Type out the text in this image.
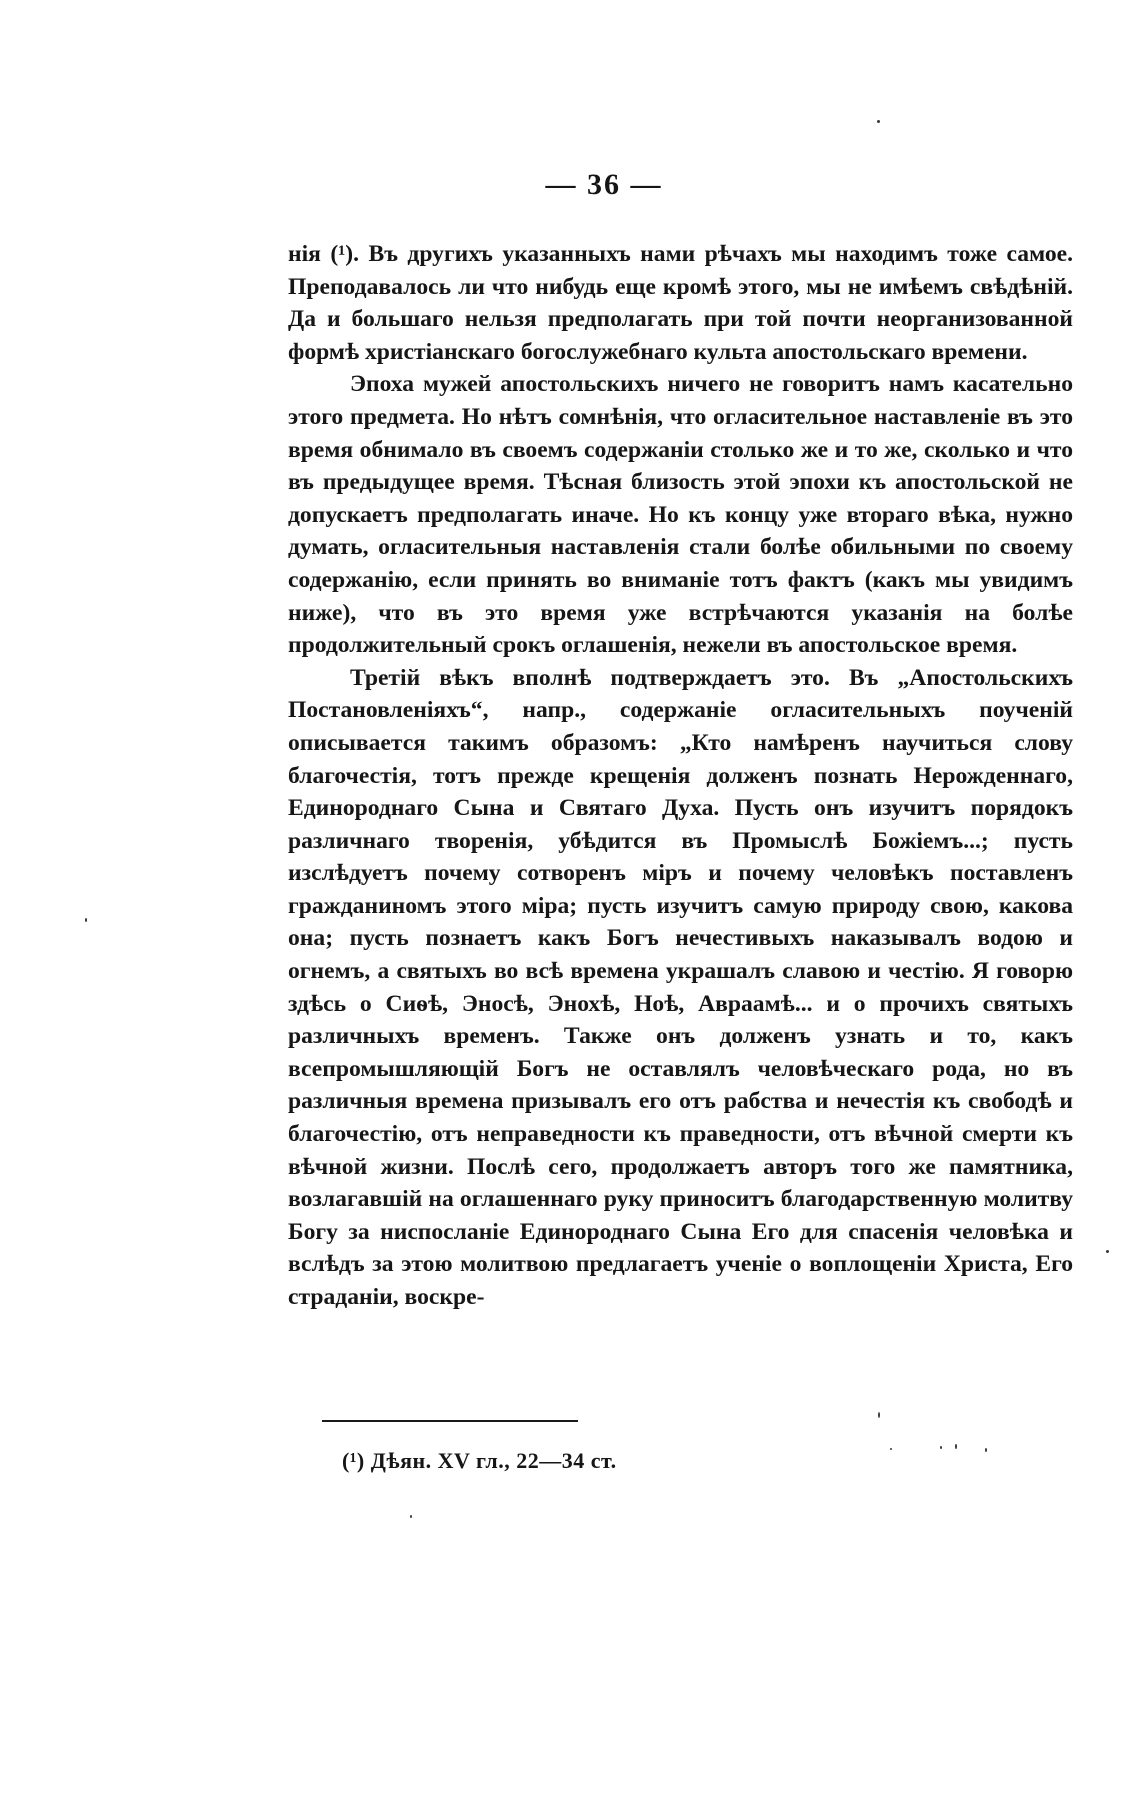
— 36 —

нія (¹). Въ другихъ указанныхъ нами рѣчахъ мы находимъ тоже самое. Преподавалось ли что нибудь еще кромѣ этого, мы не имѣемъ свѣдѣній. Да и большаго нельзя предполагать при той почти неорганизованной формѣ христіанскаго богослужебнаго культа апостольскаго времени.

Эпоха мужей апостольскихъ ничего не говоритъ намъ касательно этого предмета. Но нѣтъ сомнѣнія, что огласительное наставленіе въ это время обнимало въ своемъ содержаніи столько же и то же, сколько и что въ предыдущее время. Тѣсная близость этой эпохи къ апостольской не допускаетъ предполагать иначе. Но къ концу уже втораго вѣка, нужно думать, огласительныя наставленія стали болѣе обильными по своему содержанію, если принять во вниманіе тотъ фактъ (какъ мы увидимъ ниже), что въ это время уже встрѣчаются указанія на болѣе продолжительный срокъ оглашенія, нежели въ апостольское время.

Третій вѣкъ вполнѣ подтверждаетъ это. Въ „Апостольскихъ Постановленіяхъ“, напр., содержаніе огласительныхъ поученій описывается такимъ образомъ: „Кто намѣренъ научиться слову благочестія, тотъ прежде крещенія долженъ познать Нерожденнаго, Единороднаго Сына и Святаго Духа. Пусть онъ изучитъ порядокъ различнаго творенія, убѣдится въ Промыслѣ Божіемъ...; пусть изслѣдуетъ почему сотворенъ міръ и почему человѣкъ поставленъ гражданиномъ этого міра; пусть изучитъ самую природу свою, какова она; пусть познаетъ какъ Богъ нечестивыхъ наказывалъ водою и огнемъ, а святыхъ во всѣ времена украшалъ славою и честію. Я говорю здѣсь о Сиѳѣ, Эносѣ, Энохѣ, Ноѣ, Авраамѣ... и о прочихъ святыхъ различныхъ временъ. Также онъ долженъ узнать и то, какъ всепромышляющій Богъ не оставлялъ человѣческаго рода, но въ различныя времена призывалъ его отъ рабства и нечестія къ свободѣ и благочестію, отъ неправедности къ праведности, отъ вѣчной смерти къ вѣчной жизни. Послѣ сего, продолжаетъ авторъ того же памятника, возлагавшій на оглашеннаго руку приноситъ благодарственную молитву Богу за ниспосланіе Единороднаго Сына Его для спасенія человѣка и вслѣдъ за этою молитвою предлагаетъ ученіе о воплощеніи Христа, Его страданіи, воскре-

(¹) Дѣян. XV гл., 22—34 ст.
